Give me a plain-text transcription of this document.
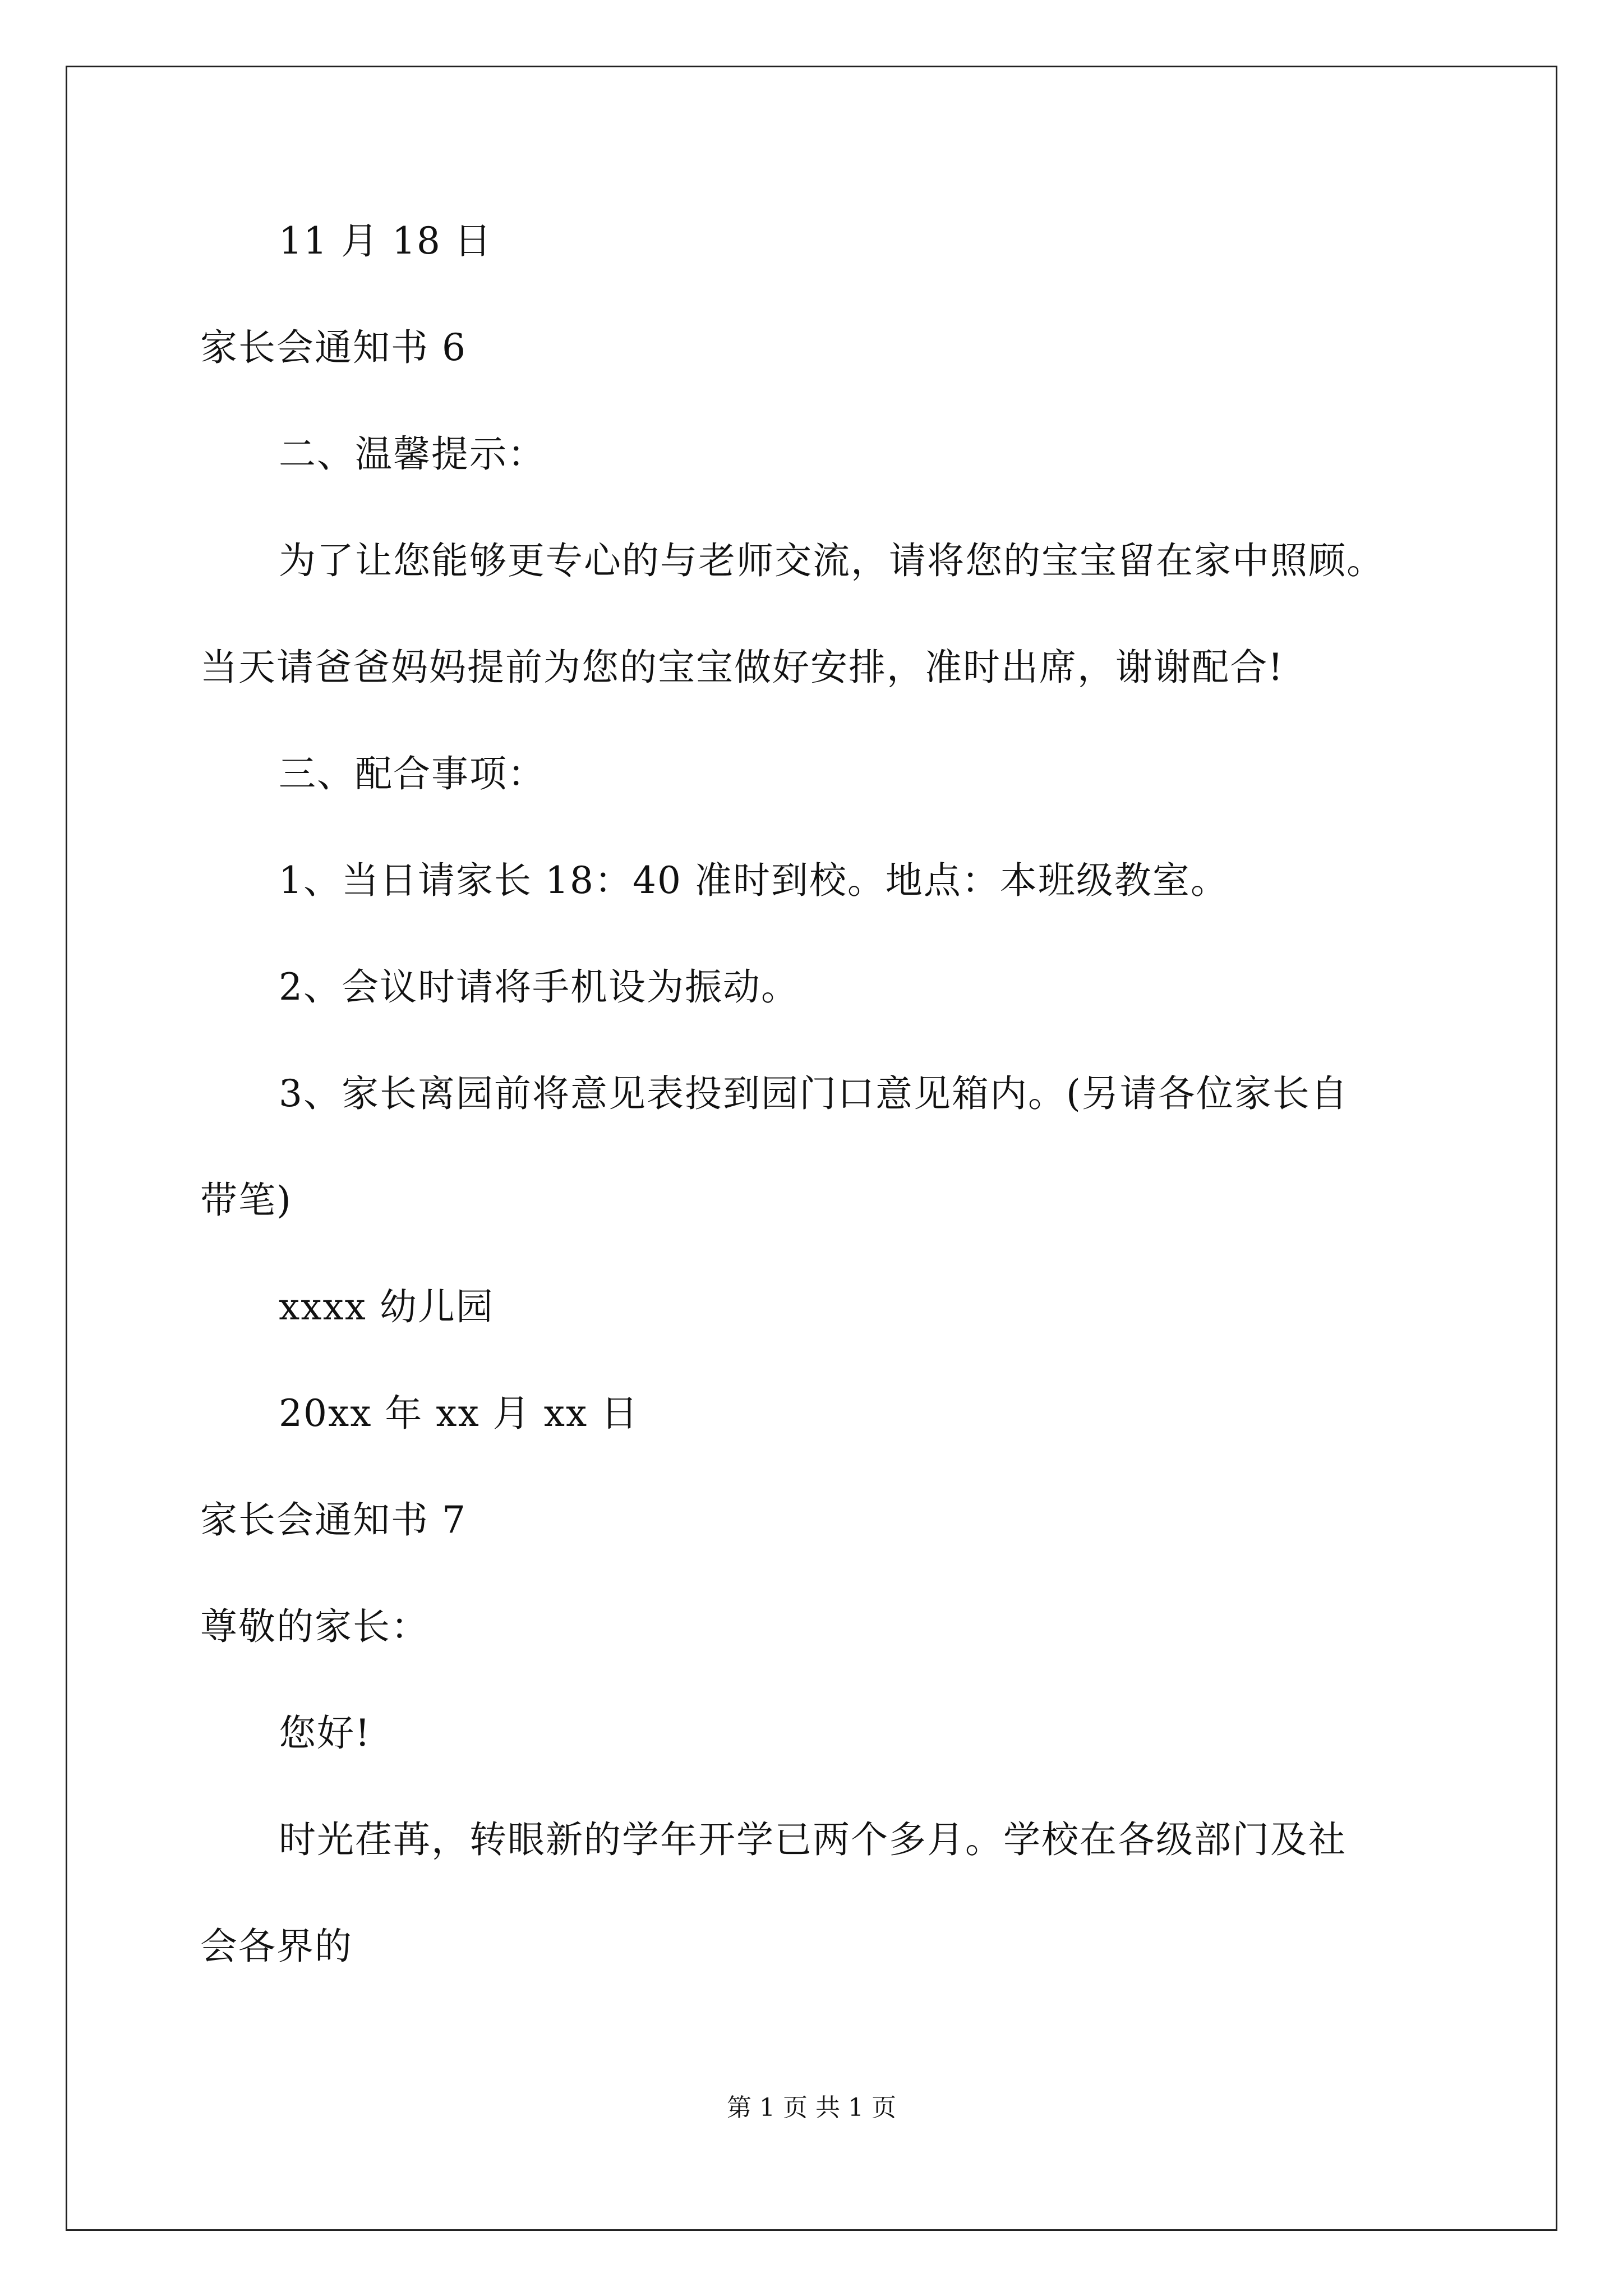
11 月 18 日

家长会通知书 6

二、温馨提示：

为了让您能够更专心的与老师交流，请将您的宝宝留在家中照顾。

当天请爸爸妈妈提前为您的宝宝做好安排，准时出席，谢谢配合!

三、配合事项：

1、当日请家长 18：40 准时到校。地点：本班级教室。

2、会议时请将手机设为振动。

3、家长离园前将意见表投到园门口意见箱内。(另请各位家长自

带笔)

xxxx 幼儿园

20xx 年 xx 月 xx 日

家长会通知书 7

尊敬的家长：

您好!

时光荏苒，转眼新的学年开学已两个多月。学校在各级部门及社

会各界的

第 1 页 共 1 页
